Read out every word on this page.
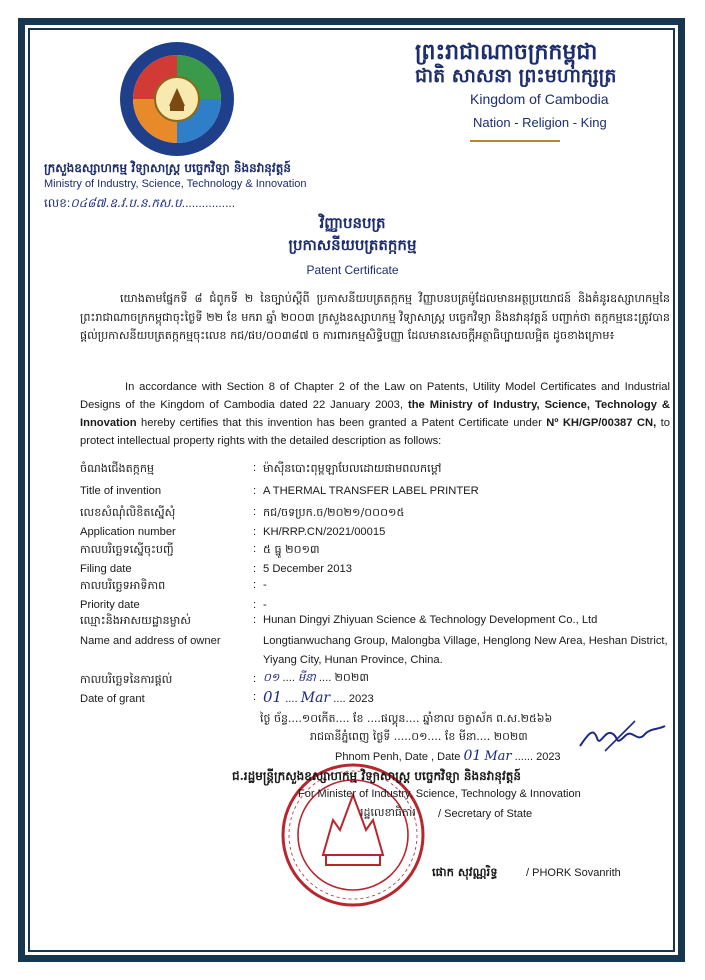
ព្រះរាជាណាចក្រកម្ពុជា
ជាតិ សាសនា ព្រះមហាក្សត្រ
Kingdom of Cambodia
Nation - Religion - King
ក្រសួងឧស្សាហកម្ម វិទ្យាសាស្ត្រ បច្ចេកវិទ្យា និងនវានុវត្តន៍
Ministry of Industry, Science, Technology & Innovation
លេខ:០៤៨៧.ឧ.វ.ប.ន.កស.ប................
វិញ្ញាបនបត្រ
ប្រកាសនីយបត្រតក្កកម្ម
Patent Certificate
យោងតាមផ្នែកទី ៨ ជំពូកទី ២ នៃច្បាប់ស្តីពី ប្រកាសនីយបត្រតក្កកម្ម វិញ្ញាបនបត្រម៉ូដែលមានអត្ថប្រយោជន៍ និងគំនូរឧស្សាហកម្មនៃព្រះរាជាណាចក្រកម្ពុជាចុះថ្ងៃទី ២២ ខែ មករា ឆ្នាំ ២០០៣ ក្រសួងឧស្សាហកម្ម វិទ្យាសាស្ត្រ បច្ចេកវិទ្យា និងនវានុវត្តន៍ បញ្ជាក់ថា តក្កកម្មនេះត្រូវបានផ្តល់ប្រកាសនីយបត្រតក្កកម្មចុះលេខ កជ/ផប/០០៣៨៧ ច ការពារកម្មសិទ្ធិបញ្ញា ដែលមានសេចក្តីអត្ថាធិប្បាយលម្អិត ដូចខាងក្រោម៖
In accordance with Section 8 of Chapter 2 of the Law on Patents, Utility Model Certificates and Industrial Designs of the Kingdom of Cambodia dated 22 January 2003, the Ministry of Industry, Science, Technology & Innovation hereby certifies that this invention has been granted a Patent Certificate under Nº KH/GP/00387 CN, to protect intellectual property rights with the detailed description as follows:
ចំណងជើងតក្កកម្ម	: ម៉ាស៊ីនបោះពុម្ពឡាបែលដោយផាមពលកម្តៅ
Title of invention	: A THERMAL TRANSFER LABEL PRINTER
លេខសំណុំលិខិតស្នើសុំ	: កជ/ចទប្រក.ច/២០២១/០០០១៥
Application number	: KH/RRP.CN/2021/00015
កាលបរិច្ឆេទស្នើចុះបញ្ជី	: ៥ ធ្នូ ២០១៣
Filing date	: 5 December 2013
កាលបរិច្ឆេទអាទិភាព	: -
Priority date	: -
ឈ្មោះនិងអាសយដ្ឋានម្ចាស់	: Hunan Dingyi Zhiyuan Science & Technology Development Co., Ltd
Name and address of owner	Longtianwuchang Group, Malongba Village, Henglong New Area, Heshan District,
Yiyang City, Hunan Province, China.
កាលបរិច្ឆេទនៃការផ្តល់	: ០១ .... មីនា .... ២០២៣
Date of grant	: 01 .... Mar .... 2023
ថ្ងៃ ច័ន្ទ....១០កើត.... ខែ ....ផល្គុន.... ឆ្នាំខាល ចត្វាស័ក ព.ស.២៥៦៦
រាជធានីភ្នំពេញ ថ្ងៃទី .....០១.... ខែ មីនា.... ២០២៣
Phnom Penh, Date , Date 01 Mar ...... 2023
ជ.រដ្ឋមន្ត្រីក្រសួងឧស្សាហកម្ម វិទ្យាសាស្ត្រ បច្ចេកវិទ្យា និងនវានុវត្តន៍
For Minister of Industry, Science, Technology & Innovation
រដ្ឋលេខាធិការ / Secretary of State
ផោក សុវណ្ណរិទ្ធ	/ PHORK Sovanrith
